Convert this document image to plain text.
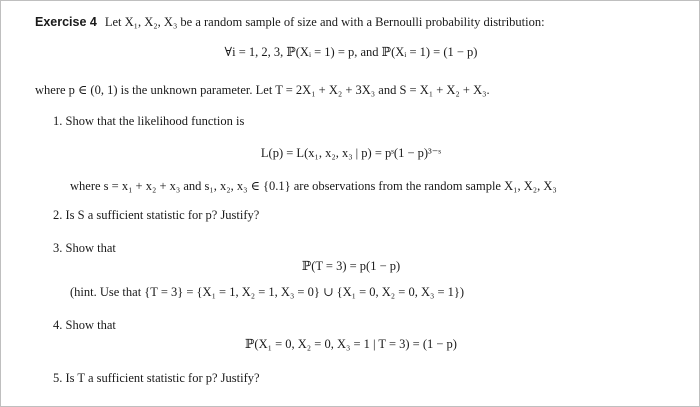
Exercise 4 Let X₁, X₂, X₃ be a random sample of size and with a Bernoulli probability distribution:
∀i = 1, 2, 3, ℙ(Xᵢ = 1) = p, and ℙ(Xᵢ = 1) = (1 − p)
where p ∈ (0, 1) is the unknown parameter. Let T = 2X₁ + X₂ + 3X₃ and S = X₁ + X₂ + X₃.
1. Show that the likelihood function is
L(p) = L(x₁, x₂, x₃ | p) = pˢ(1 − p)³⁻ˢ
where s = x₁ + x₂ + x₃ and s₁, x₂, x₃ ∈ {0.1} are observations from the random sample X₁, X₂, X₃
2. Is S a sufficient statistic for p? Justify?
3. Show that
ℙ(T = 3) = p(1 − p)
(hint. Use that {T = 3} = {X₁ = 1, X₂ = 1, X₃ = 0} ∪ {X₁ = 0, X₂ = 0, X₃ = 1})
4. Show that
ℙ(X₁ = 0, X₂ = 0, X₃ = 1 | T = 3) = (1 − p)
5. Is T a sufficient statistic for p? Justify?
